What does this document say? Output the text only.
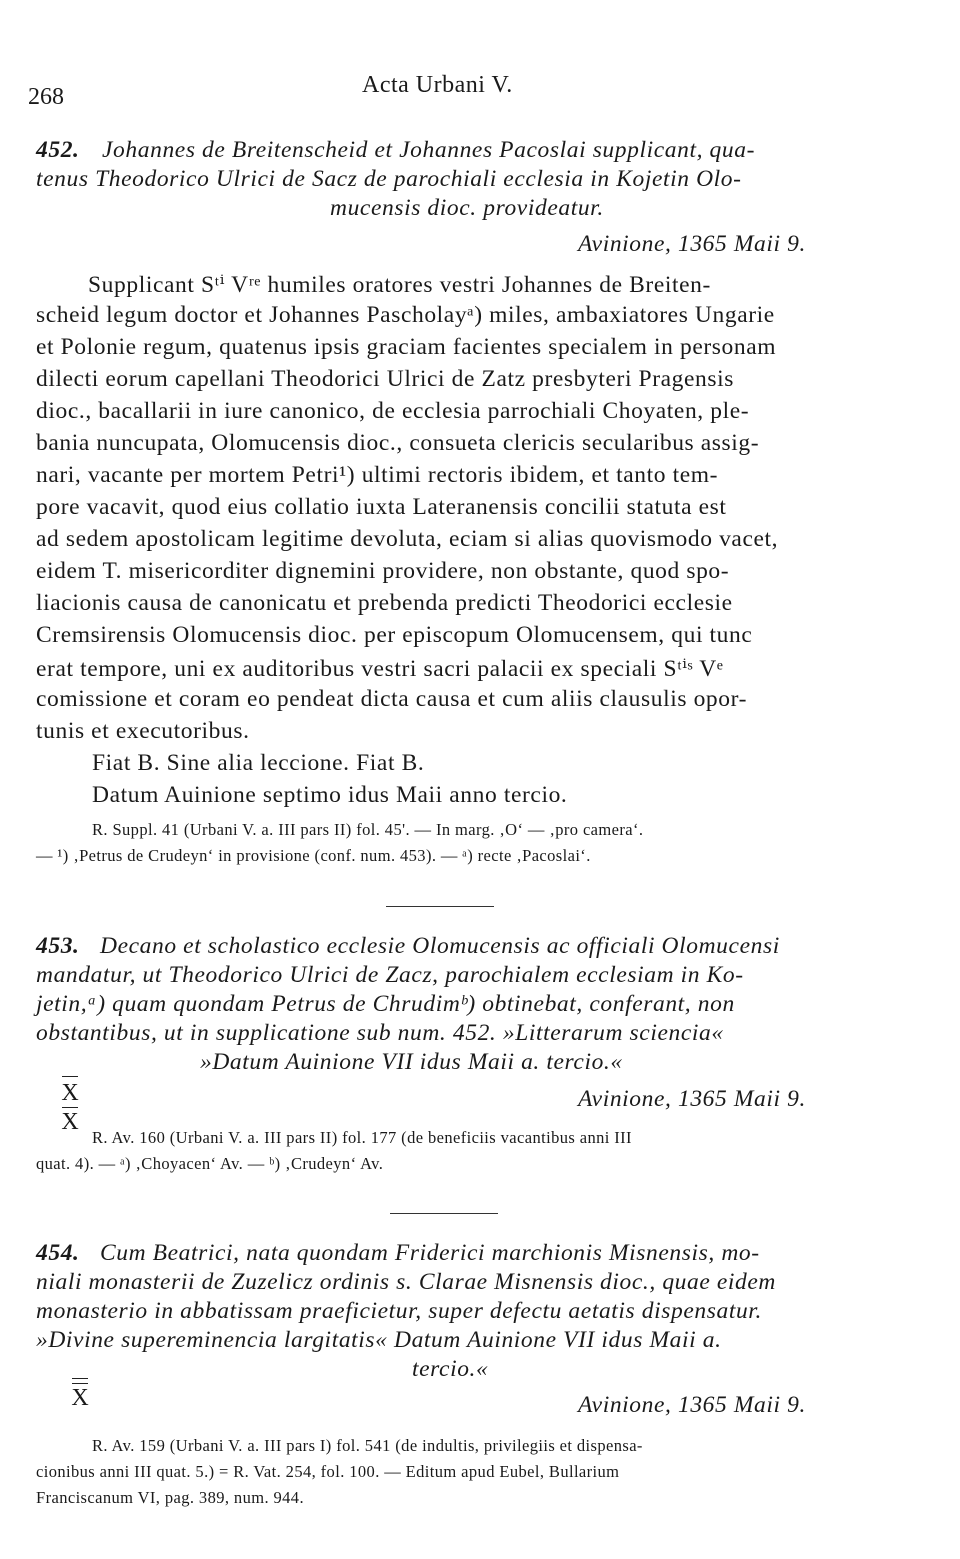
268	Acta Urbani V.
452. Johannes de Breitenscheid et Johannes Pacoslai supplicant, qua-
tenus Theodorico Ulrici de Sacz de parochiali ecclesia in Kojetin Olo-
mucensis dioc. provideatur.
Avinione, 1365 Maii 9.
Supplicant Sᵗⁱ Vʳᵉ humiles oratores vestri Johannes de Breiten-
scheid legum doctor et Johannes Pascholayᵃ) miles, ambaxiatores Ungarie
et Polonie regum, quatenus ipsis graciam facientes specialem in personam
dilecti eorum capellani Theodorici Ulrici de Zatz presbyteri Pragensis
dioc., bacallarii in iure canonico, de ecclesia parrochiali Choyaten, ple-
bania nuncupata, Olomucensis dioc., consueta clericis secularibus assig-
nari, vacante per mortem Petri¹) ultimi rectoris ibidem, et tanto tem-
pore vacavit, quod eius collatio iuxta Lateranensis concilii statuta est
ad sedem apostolicam legitime devoluta, eciam si alias quovismodo vacet,
eidem T. misericorditer dignemini providere, non obstante, quod spo-
liacionis causa de canonicatu et prebenda predicti Theodorici ecclesie
Cremsirensis Olomucensis dioc. per episcopum Olomucensem, qui tunc
erat tempore, uni ex auditoribus vestri sacri palacii ex speciali Sᵗⁱˢ Vᵉ
comissione et coram eo pendeat dicta causa et cum aliis clausulis opor-
tunis et executoribus.
Fiat B. Sine alia leccione. Fiat B.
Datum Auinione septimo idus Maii anno tercio.
R. Suppl. 41 (Urbani V. a. III pars II) fol. 45'. — In marg. ‚O‘ — ‚pro camera‘.
— ¹) ‚Petrus de Crudeyn‘ in provisione (conf. num. 453). — ᵃ) recte ‚Pacoslai‘.
453. Decano et scholastico ecclesie Olomucensis ac officiali Olomucensi
mandatur, ut Theodorico Ulrici de Zacz, parochialem ecclesiam in Ko-
jetin,ᵃ) quam quondam Petrus de Chrudimᵇ) obtinebat, conferant, non
obstantibus, ut in supplicatione sub num. 452. »Litterarum sciencia«
»Datum Auinione VII idus Maii a. tercio.«
X
X
Avinione, 1365 Maii 9.
R. Av. 160 (Urbani V. a. III pars II) fol. 177 (de beneficiis vacantibus anni III
quat. 4). — ᵃ) ‚Choyacen‘ Av. — ᵇ) ‚Crudeyn‘ Av.
454. Cum Beatrici, nata quondam Friderici marchionis Misnensis, mo-
niali monasterii de Zuzelicz ordinis s. Clarae Misnensis dioc., quae eidem
monasterio in abbatissam praeficietur, super defectu aetatis dispensatur.
»Divine supereminencia largitatis« Datum Auinione VII idus Maii a.
tercio.«
X	Avinione, 1365 Maii 9.
R. Av. 159 (Urbani V. a. III pars I) fol. 541 (de indultis, privilegiis et dispensa-
cionibus anni III quat. 5.) = R. Vat. 254, fol. 100. — Editum apud Eubel, Bullarium
Franciscanum VI, pag. 389, num. 944.
